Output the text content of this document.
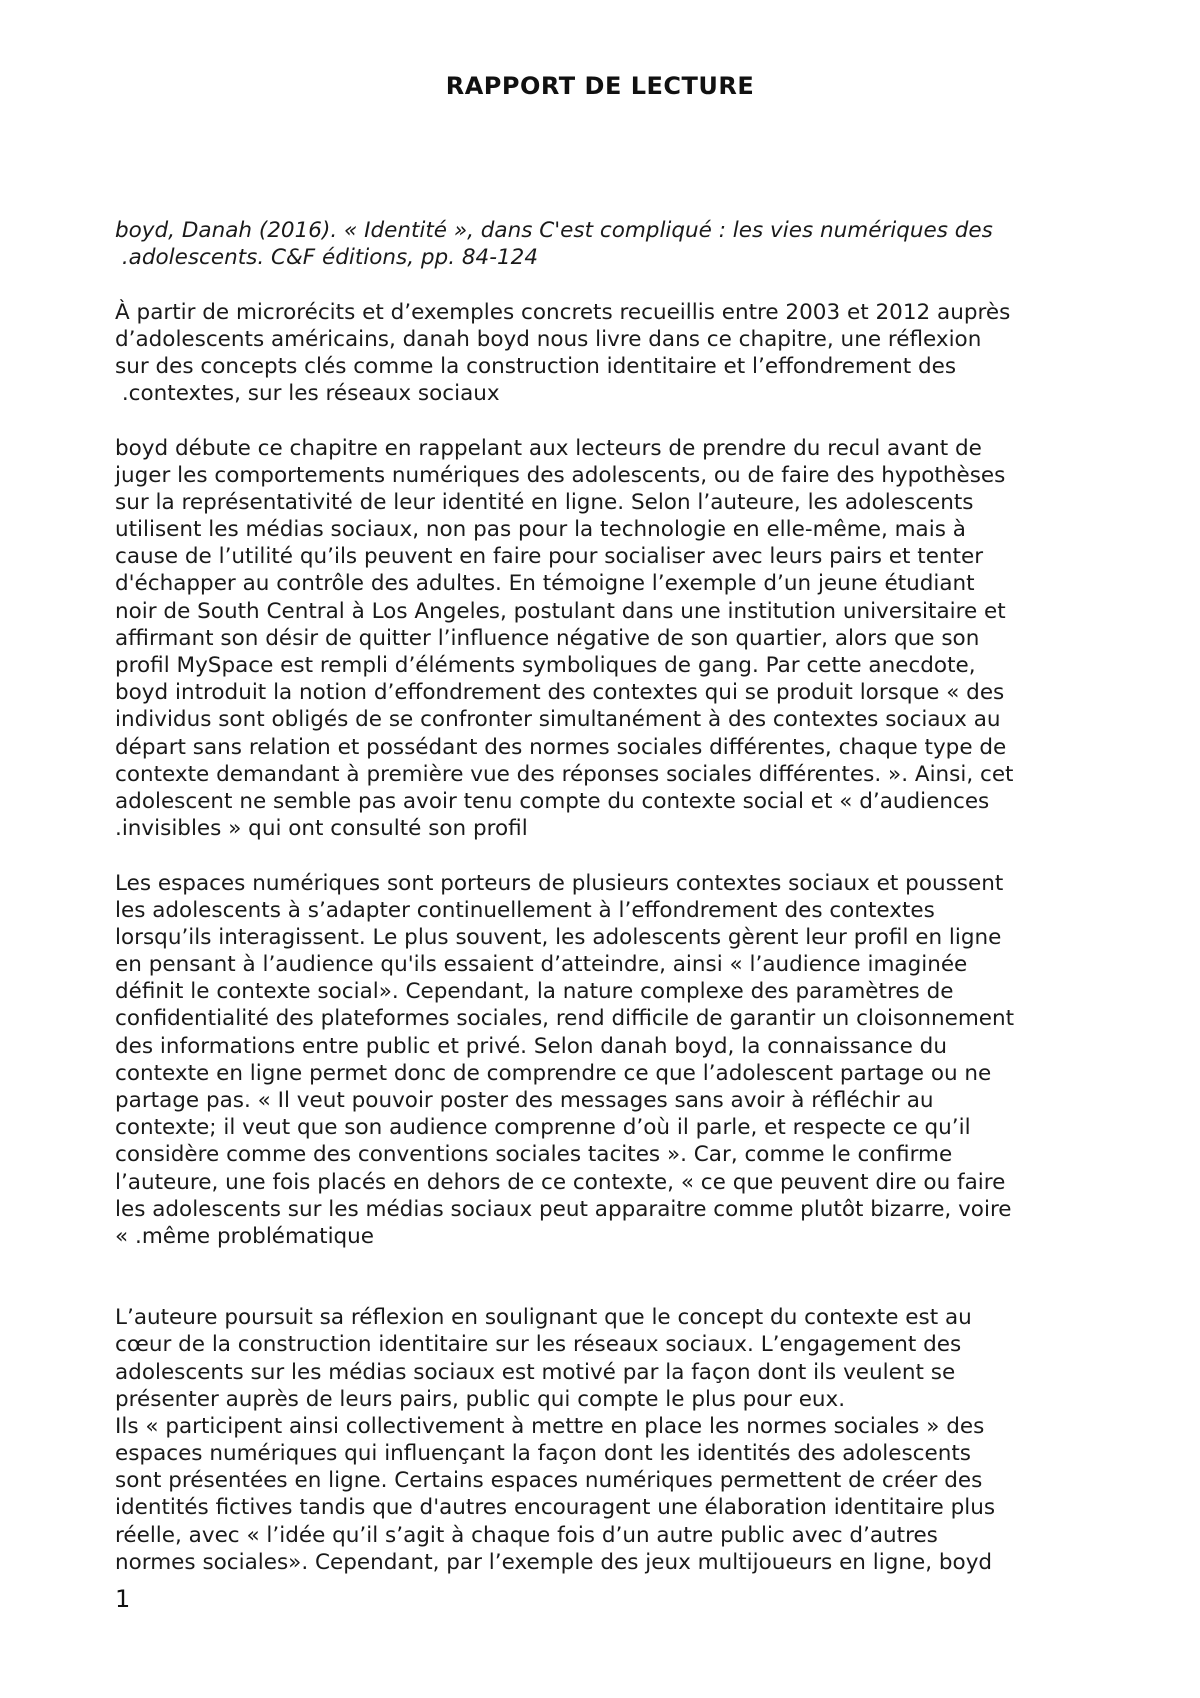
RAPPORT DE LECTURE
boyd, Danah (2016). « Identité », dans C'est compliqué : les vies numériques des
.adolescents. C&F éditions, pp. 84-124
À partir de microrécits et d’exemples concrets recueillis entre 2003 et 2012 auprès
d’adolescents américains, danah boyd nous livre dans ce chapitre, une réflexion
sur des concepts clés comme la construction identitaire et l’effondrement des
.contextes, sur les réseaux sociaux
boyd débute ce chapitre en rappelant aux lecteurs de prendre du recul avant de
juger les comportements numériques des adolescents, ou de faire des hypothèses
sur la représentativité de leur identité en ligne. Selon l’auteure, les adolescents
utilisent les médias sociaux, non pas pour la technologie en elle-même, mais à
cause de l’utilité qu’ils peuvent en faire pour socialiser avec leurs pairs et tenter
d'échapper au contrôle des adultes. En témoigne l’exemple d’un jeune étudiant
noir de South Central à Los Angeles, postulant dans une institution universitaire et
affirmant son désir de quitter l’influence négative de son quartier, alors que son
profil MySpace est rempli d’éléments symboliques de gang. Par cette anecdote,
boyd introduit la notion d’effondrement des contextes qui se produit lorsque « des
individus sont obligés de se confronter simultanément à des contextes sociaux au
départ sans relation et possédant des normes sociales différentes, chaque type de
contexte demandant à première vue des réponses sociales différentes. ». Ainsi, cet
adolescent ne semble pas avoir tenu compte du contexte social et « d’audiences
.invisibles » qui ont consulté son profil
Les espaces numériques sont porteurs de plusieurs contextes sociaux et poussent
les adolescents à s’adapter continuellement à l’effondrement des contextes
lorsqu’ils interagissent. Le plus souvent, les adolescents gèrent leur profil en ligne
en pensant à l’audience qu'ils essaient d’atteindre, ainsi « l’audience imaginée
définit le contexte social». Cependant, la nature complexe des paramètres de
confidentialité des plateformes sociales, rend difficile de garantir un cloisonnement
des informations entre public et privé. Selon danah boyd, la connaissance du
contexte en ligne permet donc de comprendre ce que l’adolescent partage ou ne
partage pas. « Il veut pouvoir poster des messages sans avoir à réfléchir au
contexte; il veut que son audience comprenne d’où il parle, et respecte ce qu’il
considère comme des conventions sociales tacites ». Car, comme le confirme
l’auteure, une fois placés en dehors de ce contexte, « ce que peuvent dire ou faire
les adolescents sur les médias sociaux peut apparaitre comme plutôt bizarre, voire
« .même problématique
L’auteure poursuit sa réflexion en soulignant que le concept du contexte est au
cœur de la construction identitaire sur les réseaux sociaux. L’engagement des
adolescents sur les médias sociaux est motivé par la façon dont ils veulent se
présenter auprès de leurs pairs, public qui compte le plus pour eux.
Ils « participent ainsi collectivement à mettre en place les normes sociales » des
espaces numériques qui influençant la façon dont les identités des adolescents
sont présentées en ligne. Certains espaces numériques permettent de créer des
identités fictives tandis que d'autres encouragent une élaboration identitaire plus
réelle, avec « l’idée qu’il s’agit à chaque fois d’un autre public avec d’autres
normes sociales». Cependant, par l’exemple des jeux multijoueurs en ligne, boyd
1
